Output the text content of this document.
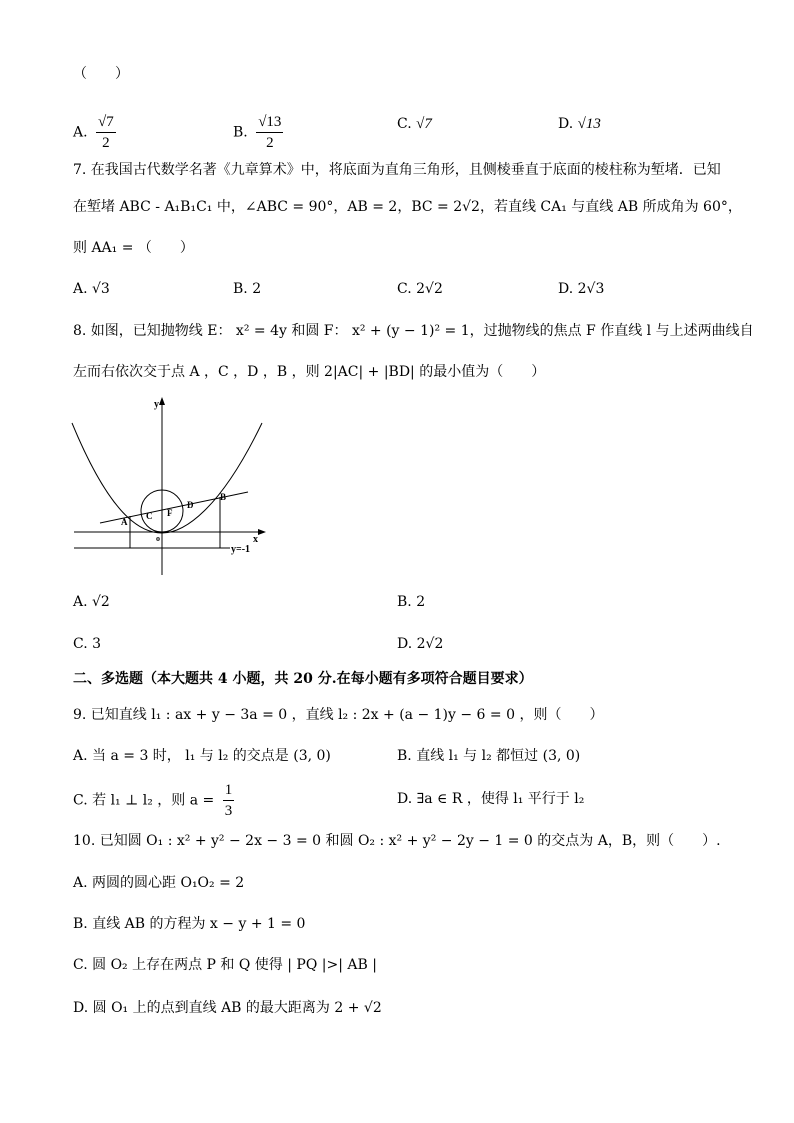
（　　）
A. $\frac{√7}{2}$	B. $\frac{√13}{2}$	C. √7	D. √13
7. 在我国古代数学名著《九章算术》中，将底面为直角三角形，且侧棱垂直于底面的棱柱称为堑堵．已知
在堑堵 ABC - A₁B₁C₁ 中，∠ABC = 90°，AB = 2，BC = 2√2，若直线 CA₁ 与直线 AB 所成角为 60°，
则 AA₁ = （　　）
A. √3	B. 2	C. 2√2	D. 2√3
8. 如图，已知抛物线 E： x² = 4y 和圆 F： x² + (y − 1)² = 1，过抛物线的焦点 F 作直线 l 与上述两曲线自
左而右依次交于点 A ，C ，D ，B ，则 2|AC| + |BD| 的最小值为（　　）
y
x
o
A
C F
D
B
y=-1
A. √2	B. 2
C. 3	D. 2√2
二、多选题（本大题共 4 小题，共 20 分.在每小题有多项符合题目要求）
9. 已知直线 l₁ : ax + y − 3a = 0 ，直线 l₂ : 2x + (a − 1)y − 6 = 0 ，则（　　）
A. 当 a = 3 时， l₁ 与 l₂ 的交点是 (3, 0)	B. 直线 l₁ 与 l₂ 都恒过 (3, 0)
C. 若 l₁ ⊥ l₂ ，则 $a = \frac{1}{3}$	D. ∃a ∈ R ，使得 l₁ 平行于 l₂
10. 已知圆 O₁ : x² + y² − 2x − 3 = 0 和圆 O₂ : x² + y² − 2y − 1 = 0 的交点为 A，B，则（　　）.
A. 两圆的圆心距 O₁O₂ = 2
B. 直线 AB 的方程为 x − y + 1 = 0
C. 圆 O₂ 上存在两点 P 和 Q 使得 | PQ |>| AB |
D. 圆 O₁ 上的点到直线 AB 的最大距离为 2 + √2
